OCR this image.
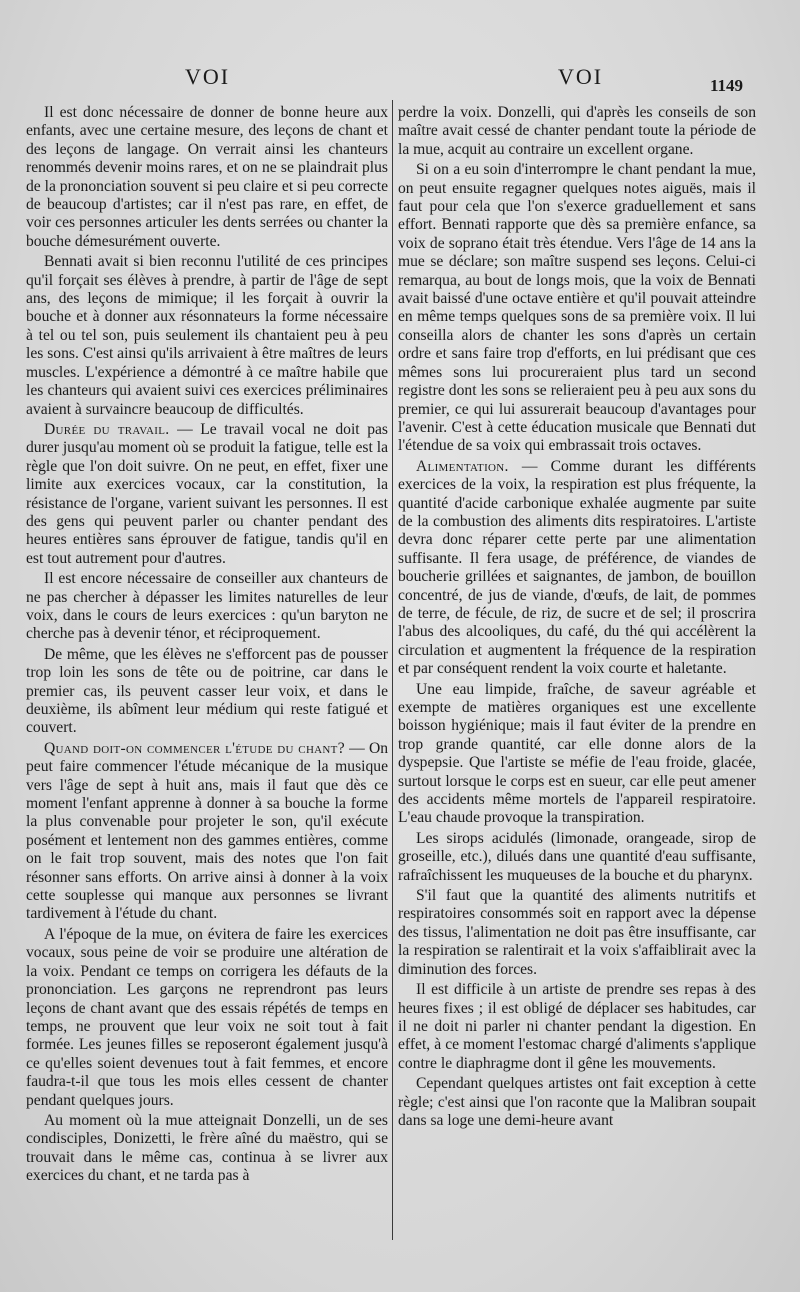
VOI	VOI	1149

Il est donc nécessaire de donner de bonne heure aux enfants, avec une certaine mesure, des leçons de chant et des leçons de langage. On verrait ainsi les chanteurs renommés devenir moins rares, et on ne se plaindrait plus de la prononciation souvent si peu claire et si peu correcte de beaucoup d'artistes; car il n'est pas rare, en effet, de voir ces personnes articuler les dents serrées ou chanter la bouche démesurément ouverte.

Bennati avait si bien reconnu l'utilité de ces principes qu'il forçait ses élèves à prendre, à partir de l'âge de sept ans, des leçons de mimique; il les forçait à ouvrir la bouche et à donner aux résonnateurs la forme nécessaire à tel ou tel son, puis seulement ils chantaient peu à peu les sons. C'est ainsi qu'ils arrivaient à être maîtres de leurs muscles. L'expérience a démontré à ce maître habile que les chanteurs qui avaient suivi ces exercices préliminaires avaient à survaincre beaucoup de difficultés.

Durée du travail. — Le travail vocal ne doit pas durer jusqu'au moment où se produit la fatigue, telle est la règle que l'on doit suivre. On ne peut, en effet, fixer une limite aux exercices vocaux, car la constitution, la résistance de l'organe, varient suivant les personnes. Il est des gens qui peuvent parler ou chanter pendant des heures entières sans éprouver de fatigue, tandis qu'il en est tout autrement pour d'autres.

Il est encore nécessaire de conseiller aux chanteurs de ne pas chercher à dépasser les limites naturelles de leur voix, dans le cours de leurs exercices : qu'un baryton ne cherche pas à devenir ténor, et réciproquement.

De même, que les élèves ne s'efforcent pas de pousser trop loin les sons de tête ou de poitrine, car dans le premier cas, ils peuvent casser leur voix, et dans le deuxième, ils abîment leur médium qui reste fatigué et couvert.

Quand doit-on commencer l'étude du chant? — On peut faire commencer l'étude mécanique de la musique vers l'âge de sept à huit ans, mais il faut que dès ce moment l'enfant apprenne à donner à sa bouche la forme la plus convenable pour projeter le son, qu'il exécute posément et lentement non des gammes entières, comme on le fait trop souvent, mais des notes que l'on fait résonner sans efforts. On arrive ainsi à donner à la voix cette souplesse qui manque aux personnes se livrant tardivement à l'étude du chant.

A l'époque de la mue, on évitera de faire les exercices vocaux, sous peine de voir se produire une altération de la voix. Pendant ce temps on corrigera les défauts de la prononciation. Les garçons ne reprendront pas leurs leçons de chant avant que des essais répétés de temps en temps, ne prouvent que leur voix ne soit tout à fait formée. Les jeunes filles se reposeront également jusqu'à ce qu'elles soient devenues tout à fait femmes, et encore faudra-t-il que tous les mois elles cessent de chanter pendant quelques jours.

Au moment où la mue atteignait Donzelli, un de ses condisciples, Donizetti, le frère aîné du maëstro, qui se trouvait dans le même cas, continua à se livrer aux exercices du chant, et ne tarda pas à

perdre la voix. Donzelli, qui d'après les conseils de son maître avait cessé de chanter pendant toute la période de la mue, acquit au contraire un excellent organe.

Si on a eu soin d'interrompre le chant pendant la mue, on peut ensuite regagner quelques notes aiguës, mais il faut pour cela que l'on s'exerce graduellement et sans effort. Bennati rapporte que dès sa première enfance, sa voix de soprano était très étendue. Vers l'âge de 14 ans la mue se déclare; son maître suspend ses leçons. Celui-ci remarqua, au bout de longs mois, que la voix de Bennati avait baissé d'une octave entière et qu'il pouvait atteindre en même temps quelques sons de sa première voix. Il lui conseilla alors de chanter les sons d'après un certain ordre et sans faire trop d'efforts, en lui prédisant que ces mêmes sons lui procureraient plus tard un second registre dont les sons se relieraient peu à peu aux sons du premier, ce qui lui assurerait beaucoup d'avantages pour l'avenir. C'est à cette éducation musicale que Bennati dut l'étendue de sa voix qui embrassait trois octaves.

Alimentation. — Comme durant les différents exercices de la voix, la respiration est plus fréquente, la quantité d'acide carbonique exhalée augmente par suite de la combustion des aliments dits respiratoires. L'artiste devra donc réparer cette perte par une alimentation suffisante. Il fera usage, de préférence, de viandes de boucherie grillées et saignantes, de jambon, de bouillon concentré, de jus de viande, d'œufs, de lait, de pommes de terre, de fécule, de riz, de sucre et de sel; il proscrira l'abus des alcooliques, du café, du thé qui accélèrent la circulation et augmentent la fréquence de la respiration et par conséquent rendent la voix courte et haletante.

Une eau limpide, fraîche, de saveur agréable et exempte de matières organiques est une excellente boisson hygiénique; mais il faut éviter de la prendre en trop grande quantité, car elle donne alors de la dyspepsie. Que l'artiste se méfie de l'eau froide, glacée, surtout lorsque le corps est en sueur, car elle peut amener des accidents même mortels de l'appareil respiratoire. L'eau chaude provoque la transpiration.

Les sirops acidulés (limonade, orangeade, sirop de groseille, etc.), dilués dans une quantité d'eau suffisante, rafraîchissent les muqueuses de la bouche et du pharynx.

S'il faut que la quantité des aliments nutritifs et respiratoires consommés soit en rapport avec la dépense des tissus, l'alimentation ne doit pas être insuffisante, car la respiration se ralentirait et la voix s'affaiblirait avec la diminution des forces.

Il est difficile à un artiste de prendre ses repas à des heures fixes ; il est obligé de déplacer ses habitudes, car il ne doit ni parler ni chanter pendant la digestion. En effet, à ce moment l'estomac chargé d'aliments s'applique contre le diaphragme dont il gêne les mouvements.

Cependant quelques artistes ont fait exception à cette règle; c'est ainsi que l'on raconte que la Malibran soupait dans sa loge une demi-heure avant
